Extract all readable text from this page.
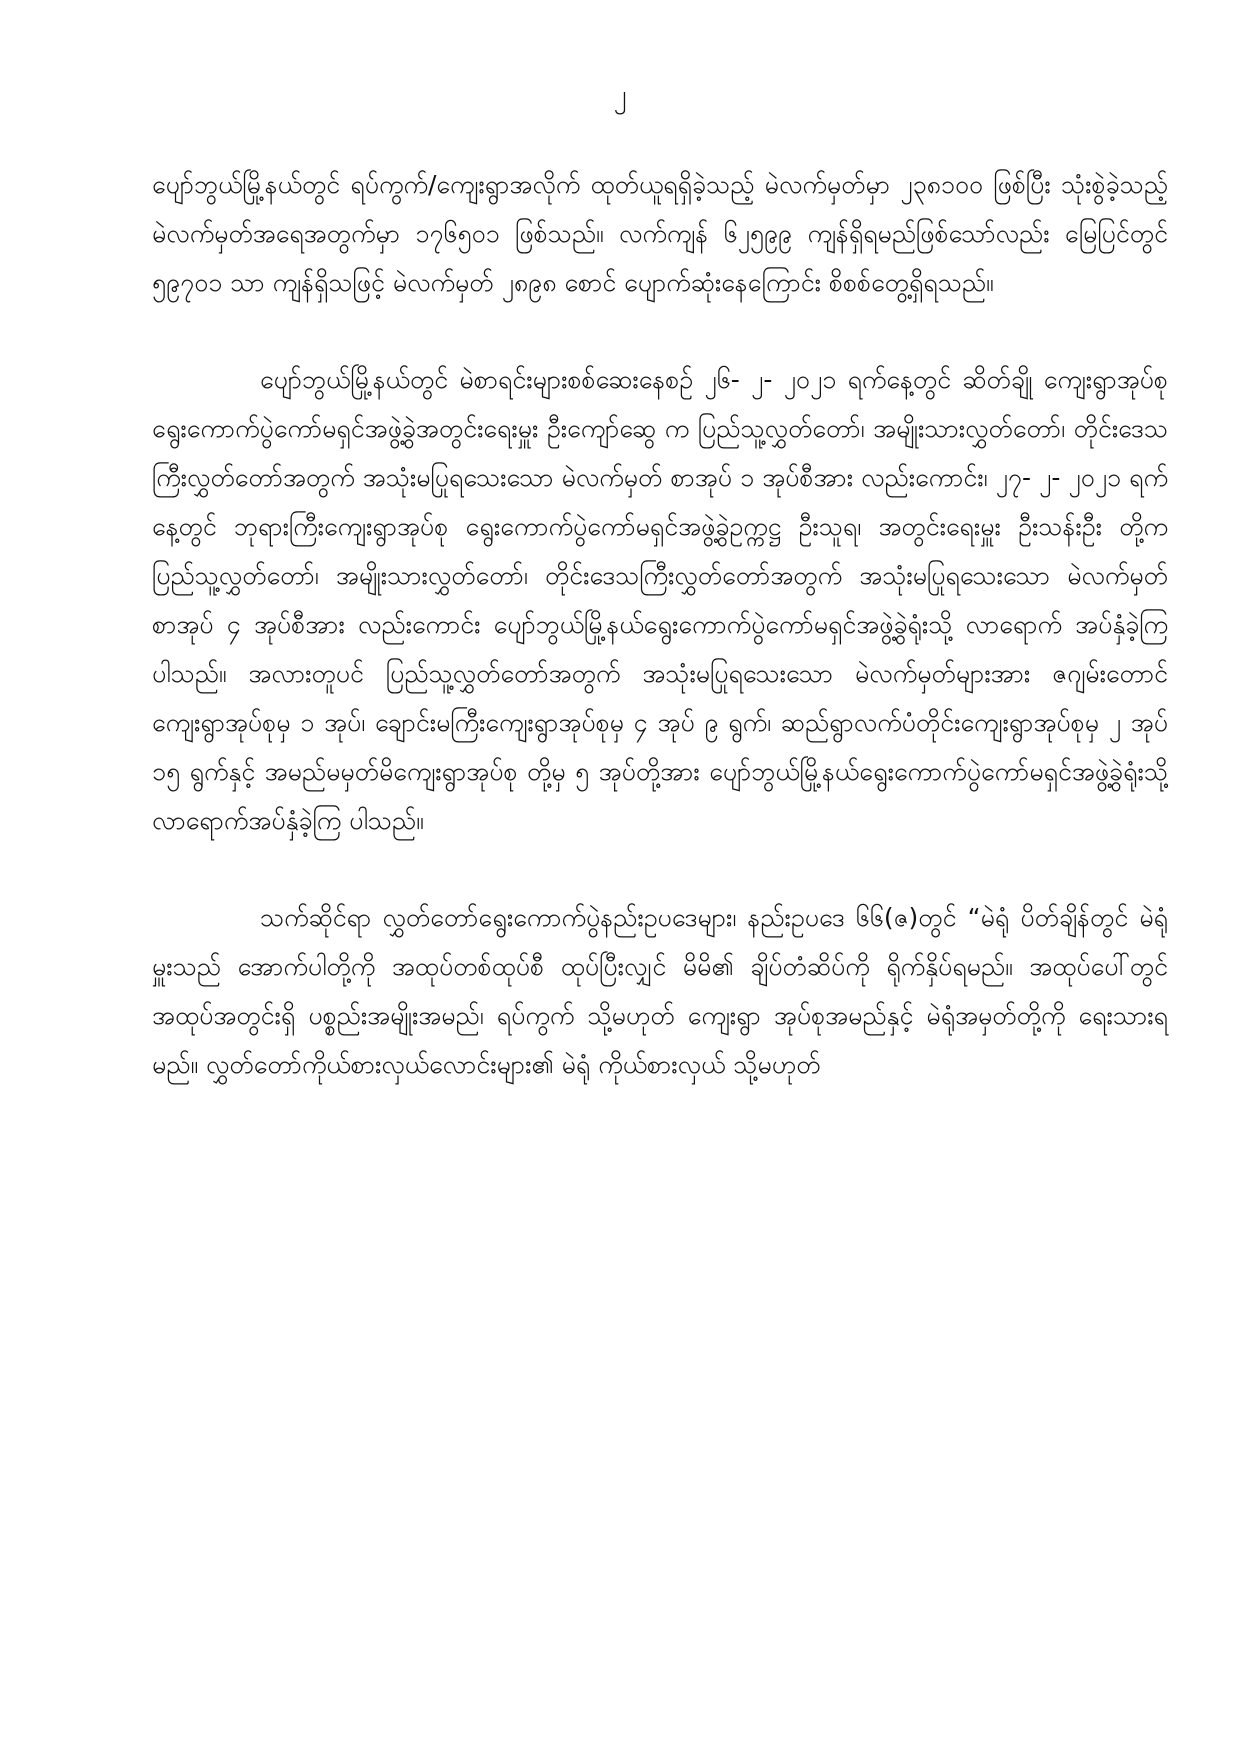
၂

ပျော်ဘွယ်မြို့နယ်တွင် ရပ်ကွက်/ကျေးရွာအလိုက် ထုတ်ယူရရှိခဲ့သည့် မဲလက်မှတ်မှာ ၂၃၈၁၀၀ ဖြစ်ပြီး သုံးစွဲခဲ့သည့်မဲလက်မှတ်အရေအတွက်မှာ ၁၇၆၅၀၁ ဖြစ်သည်။ လက်ကျန် ၆၂၅၉၉ ကျန်ရှိရမည်ဖြစ်သော်လည်း မြေပြင်တွင် ၅၉၇၀၁ သာ ကျန်ရှိသဖြင့် မဲလက်မှတ် ၂၈၉၈ စောင် ပျောက်ဆုံးနေကြောင်း စိစစ်တွေ့ရှိရသည်။

ပျော်ဘွယ်မြို့နယ်တွင် မဲစာရင်းများစစ်ဆေးနေစဉ် ၂၆- ၂- ၂၀၂၁ ရက်နေ့တွင် ဆိတ်ချို ကျေးရွာအုပ်စုရွေးကောက်ပွဲကော်မရှင်အဖွဲ့ခွဲအတွင်းရေးမှူး ဦးကျော်ဆွေ က ပြည်သူ့လွှတ်တော်၊ အမျိုးသားလွှတ်တော်၊ တိုင်းဒေသကြီးလွှတ်တော်အတွက် အသုံးမပြုရသေးသော မဲလက်မှတ် စာအုပ် ၁ အုပ်စီအား လည်းကောင်း၊ ၂၇- ၂- ၂၀၂၁ ရက်နေ့တွင် ဘုရားကြီးကျေးရွာအုပ်စု ရွေးကောက်ပွဲကော်မရှင်အဖွဲ့ခွဲဥက္ကဋ္ဌ ဦးသူရ၊ အတွင်းရေးမှူး ဦးသန်းဦး တို့က ပြည်သူ့လွှတ်တော်၊ အမျိုးသားလွှတ်တော်၊ တိုင်းဒေသကြီးလွှတ်တော်အတွက် အသုံးမပြုရသေးသော မဲလက်မှတ် စာအုပ် ၄ အုပ်စီအား လည်းကောင်း ပျော်ဘွယ်မြို့နယ်ရွေးကောက်ပွဲကော်မရှင်အဖွဲ့ခွဲရုံးသို့ လာရောက် အပ်နှံခဲ့ကြပါသည်။ အလားတူပင် ပြည်သူ့လွှတ်တော်အတွက် အသုံးမပြုရသေးသော မဲလက်မှတ်များအား ဇဂျမ်းတောင်ကျေးရွာအုပ်စုမှ ၁ အုပ်၊ ချောင်းမကြီးကျေးရွာအုပ်စုမှ ၄ အုပ် ၉ ရွက်၊ ဆည်ရွာလက်ပံတိုင်းကျေးရွာအုပ်စုမှ ၂ အုပ် ၁၅ ရွက်နှင့် အမည်မမှတ်မိကျေးရွာအုပ်စု တို့မှ ၅ အုပ်တို့အား ပျော်ဘွယ်မြို့နယ်ရွေးကောက်ပွဲကော်မရှင်အဖွဲ့ခွဲရုံးသို့ လာရောက်အပ်နှံခဲ့ကြ ပါသည်။

သက်ဆိုင်ရာ လွှတ်တော်ရွေးကောက်ပွဲနည်းဥပဒေများ၊ နည်းဥပဒေ ၆၆(ဇ)တွင် “မဲရုံ ပိတ်ချိန်တွင် မဲရုံမှူးသည် အောက်ပါတို့ကို အထုပ်တစ်ထုပ်စီ ထုပ်ပြီးလျှင် မိမိ၏ ချိပ်တံဆိပ်ကို ရိုက်နှိပ်ရမည်။ အထုပ်ပေါ်တွင် အထုပ်အတွင်းရှိ ပစ္စည်းအမျိုးအမည်၊ ရပ်ကွက် သို့မဟုတ် ကျေးရွာ အုပ်စုအမည်နှင့် မဲရုံအမှတ်တို့ကို ရေးသားရမည်။ လွှတ်တော်ကိုယ်စားလှယ်လောင်းများ၏ မဲရုံ ကိုယ်စားလှယ် သို့မဟုတ်
